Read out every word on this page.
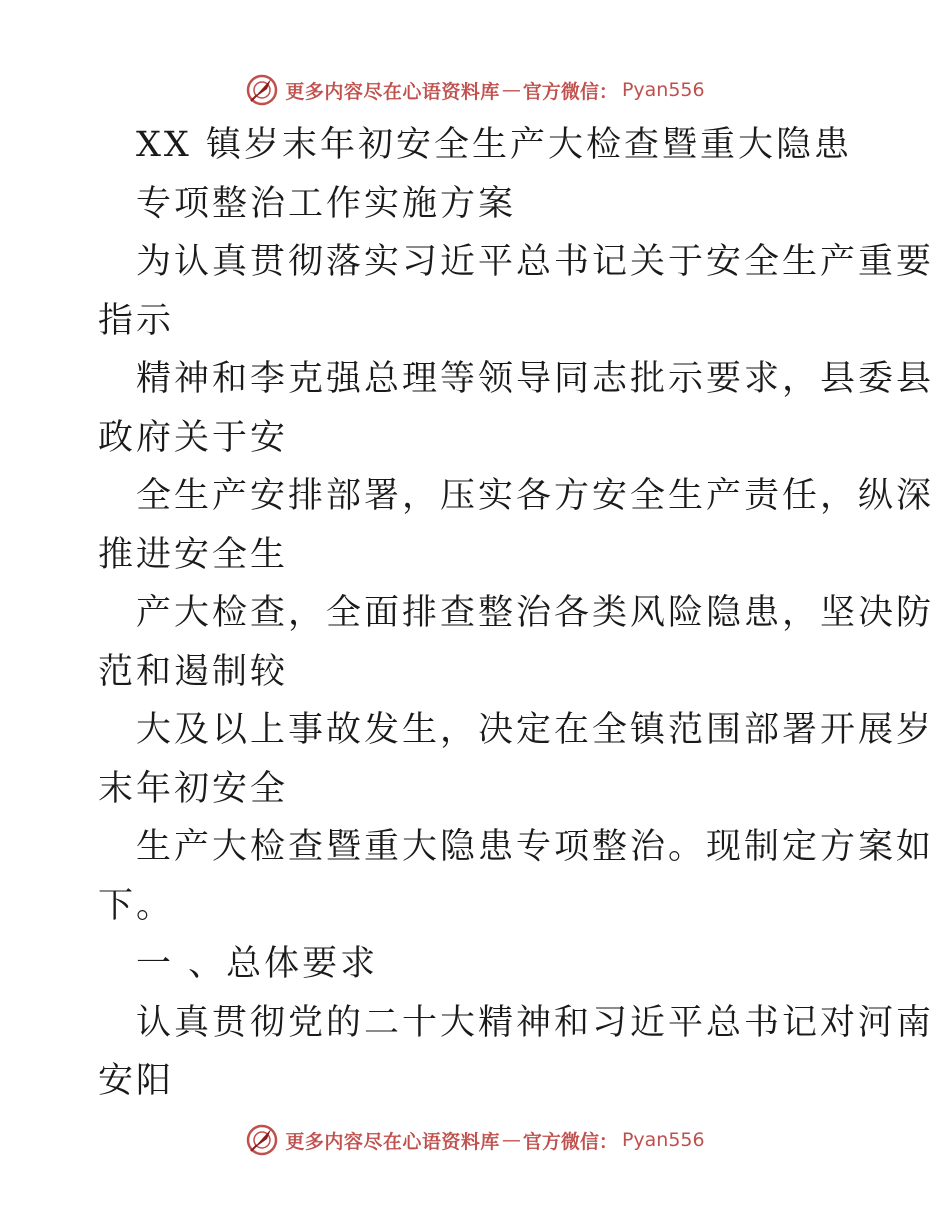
更多内容尽在心语资料库 — 官方微信： Pyan556
XX 镇岁末年初安全生产大检查暨重大隐患
专项整治工作实施方案
为认真贯彻落实习近平总书记关于安全生产重要
指示
精神和李克强总理等领导同志批示要求，县委县
政府关于安
全生产安排部署，压实各方安全生产责任，纵深
推进安全生
产大检查，全面排查整治各类风险隐患，坚决防
范和遏制较
大及以上事故发生，决定在全镇范围部署开展岁
末年初安全
生产大检查暨重大隐患专项整治。现制定方案如
下。
一 、总体要求
认真贯彻党的二十大精神和习近平总书记对河南
安阳
更多内容尽在心语资料库 — 官方微信： Pyan556
